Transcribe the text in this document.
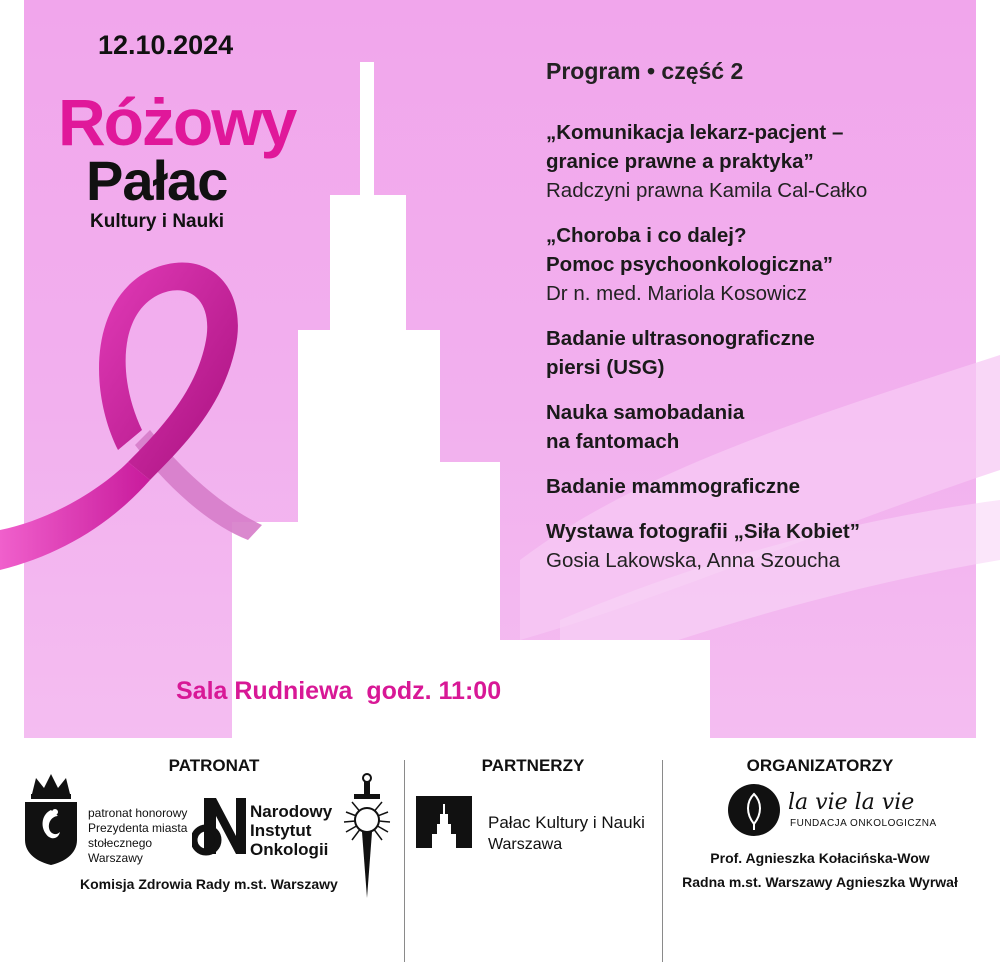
12.10.2024
Różowy
Pałac
Kultury i Nauki
Program • część 2
„Komunikacja lekarz-pacjent –
granice prawne a praktyka”
Radczyni prawna Kamila Cal-Całko
„Choroba i co dalej?
Pomoc psychoonkologiczna”
Dr n. med. Mariola Kosowicz
Badanie ultrasonograficzne
piersi (USG)
Nauka samobadania
na fantomach
Badanie mammograficzne
Wystawa fotografii „Siła Kobiet”
Gosia Lakowska, Anna Szoucha
Sala Rudniewa  godz. 11:00
PATRONAT
patronat honorowy
Prezydenta miasta
stołecznego
Warszawy
Narodowy
Instytut
Onkologii
Komisja Zdrowia Rady m.st. Warszawy
PARTNERZY
Pałac Kultury i Nauki
Warszawa
ORGANIZATORZY
la vie la vie
FUNDACJA ONKOLOGICZNA
Prof. Agnieszka Kołacińska-Wow
Radna m.st. Warszawy Agnieszka Wyrwał
